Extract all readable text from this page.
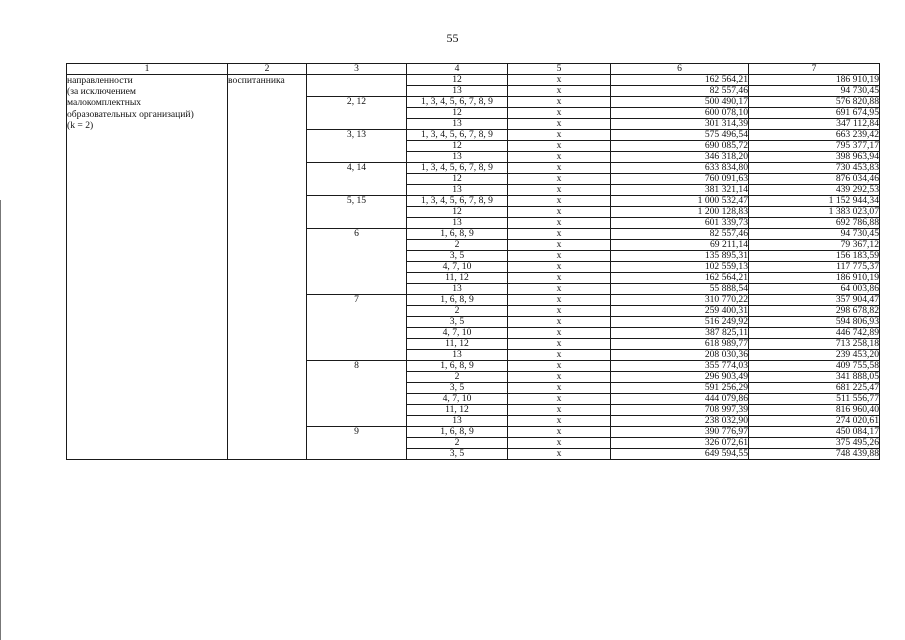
55
1	2	3	4	5	6	7

направленности
(за исключением
малокомплектных
образовательных организаций)
(k = 2)	воспитанника		12	х	162 564,21	186 910,19
			13	х	82 557,46	94 730,45
		2, 12	1, 3, 4, 5, 6, 7, 8, 9	х	500 490,17	576 820,88
			12	х	600 078,10	691 674,95
			13	х	301 314,39	347 112,84
		3, 13	1, 3, 4, 5, 6, 7, 8, 9	х	575 496,54	663 239,42
			12	х	690 085,72	795 377,17
			13	х	346 318,20	398 963,94
		4, 14	1, 3, 4, 5, 6, 7, 8, 9	х	633 834,80	730 453,83
			12	х	760 091,63	876 034,46
			13	х	381 321,14	439 292,53
		5, 15	1, 3, 4, 5, 6, 7, 8, 9	х	1 000 532,47	1 152 944,34
			12	х	1 200 128,83	1 383 023,07
			13	х	601 339,73	692 786,88
		6	1, 6, 8, 9	х	82 557,46	94 730,45
			2	х	69 211,14	79 367,12
			3, 5	х	135 895,31	156 183,59
			4, 7, 10	х	102 559,13	117 775,37
			11, 12	х	162 564,21	186 910,19
			13	х	55 888,54	64 003,86
		7	1, 6, 8, 9	х	310 770,22	357 904,47
			2	х	259 400,31	298 678,82
			3, 5	х	516 249,92	594 806,93
			4, 7, 10	х	387 825,11	446 742,89
			11, 12	х	618 989,77	713 258,18
			13	х	208 030,36	239 453,20
		8	1, 6, 8, 9	х	355 774,03	409 755,58
			2	х	296 903,49	341 888,05
			3, 5	х	591 256,29	681 225,47
			4, 7, 10	х	444 079,86	511 556,77
			11, 12	х	708 997,39	816 960,40
			13	х	238 032,90	274 020,61
		9	1, 6, 8, 9	х	390 776,97	450 084,17
			2	х	326 072,61	375 495,26
			3, 5	х	649 594,55	748 439,88
